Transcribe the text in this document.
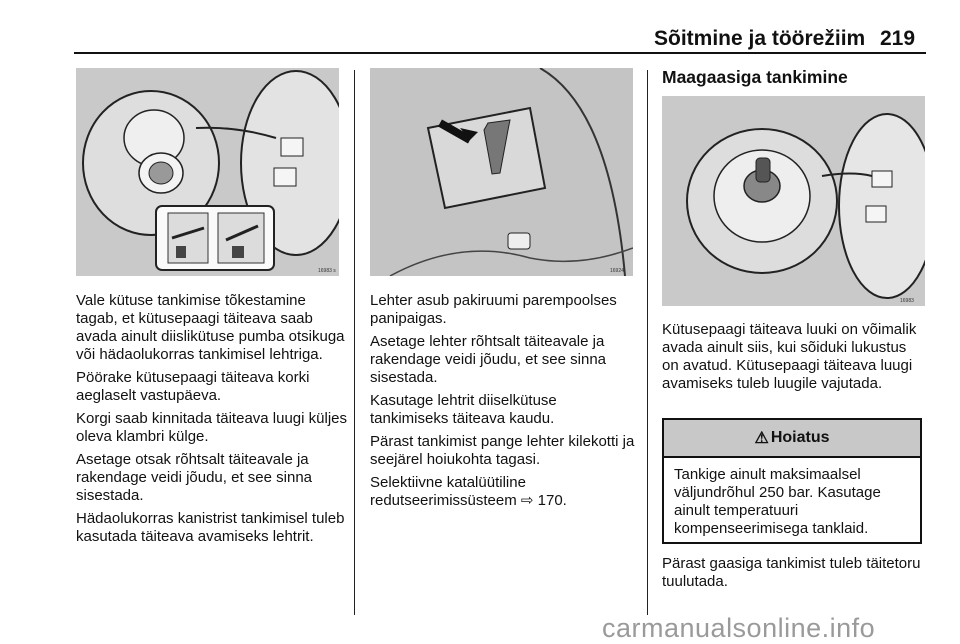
Sõitmine ja töörežiim 219
16983 s	16924
16983

Vale kütuse tankimise tõkestamine tagab, et kütusepaagi täiteava saab avada ainult diislikütuse pumba otsikuga või hädaolukorras tankimisel lehtriga.

Pöörake kütusepaagi täiteava korki aeglaselt vastupäeva.

Korgi saab kinnitada täiteava luugi küljes oleva klambri külge.

Asetage otsak rõhtsalt täiteavale ja rakendage veidi jõudu, et see sinna sisestada.

Hädaolukorras kanistrist tankimisel tuleb kasutada täiteava avamiseks lehtrit.

Lehter asub pakiruumi parempoolses panipaigas.

Asetage lehter rõhtsalt täiteavale ja rakendage veidi jõudu, et see sinna sisestada.

Kasutage lehtrit diiselkütuse tankimiseks täiteava kaudu.

Pärast tankimist pange lehter kilekotti ja seejärel hoiukohta tagasi.

Selektiivne katalüütiline redutseerimissüsteem ⇨ 170.

Maagaasiga tankimine

Kütusepaagi täiteava luuki on võimalik avada ainult siis, kui sõiduki lukustus on avatud. Kütusepaagi täiteava luugi avamiseks tuleb luugile vajutada.

⚠ Hoiatus
Tankige ainult maksimaalsel väljundrõhul 250 bar. Kasutage ainult temperatuuri kompenseerimisega tanklaid.

Pärast gaasiga tankimist tuleb täitetoru tuulutada.

carmanualsonline.info
